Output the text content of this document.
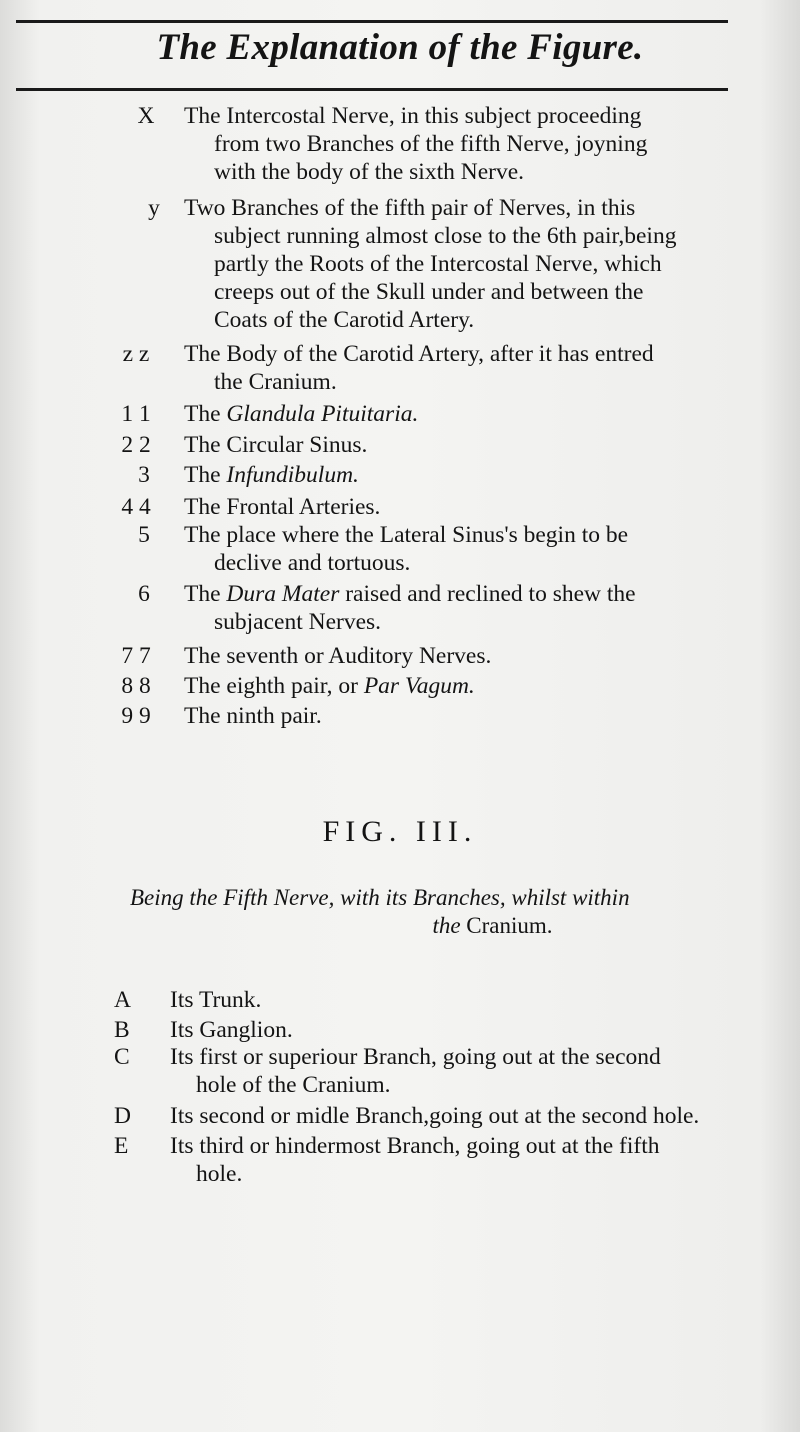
The Explanation of the Figure.
X	The Intercostal Nerve, in this subject proceeding
from two Branches of the fifth Nerve, joyning
with the body of the sixth Nerve.
y	Two Branches of the fifth pair of Nerves, in this
subject running almost close to the 6th pair,being
partly the Roots of the Intercostal Nerve, which
creeps out of the Skull under and between the
Coats of the Carotid Artery.
z z	The Body of the Carotid Artery, after it has entred
the Cranium.
1 1	The Glandula Pituitaria.
2 2	The Circular Sinus.
3	The Infundibulum.
4 4	The Frontal Arteries.
5	The place where the Lateral Sinus's begin to be
declive and tortuous.
6	The Dura Mater raised and reclined to shew the
subjacent Nerves.
7 7	The seventh or Auditory Nerves.
8 8	The eighth pair, or Par Vagum.
9 9	The ninth pair.
FIG. III.
Being the Fifth Nerve, with its Branches, whilst within
the Cranium.
A	Its Trunk.
B	Its Ganglion.
C	Its first or superiour Branch, going out at the second
hole of the Cranium.
D	Its second or midle Branch,going out at the second hole.
E	Its third or hindermost Branch, going out at the fifth
hole.
